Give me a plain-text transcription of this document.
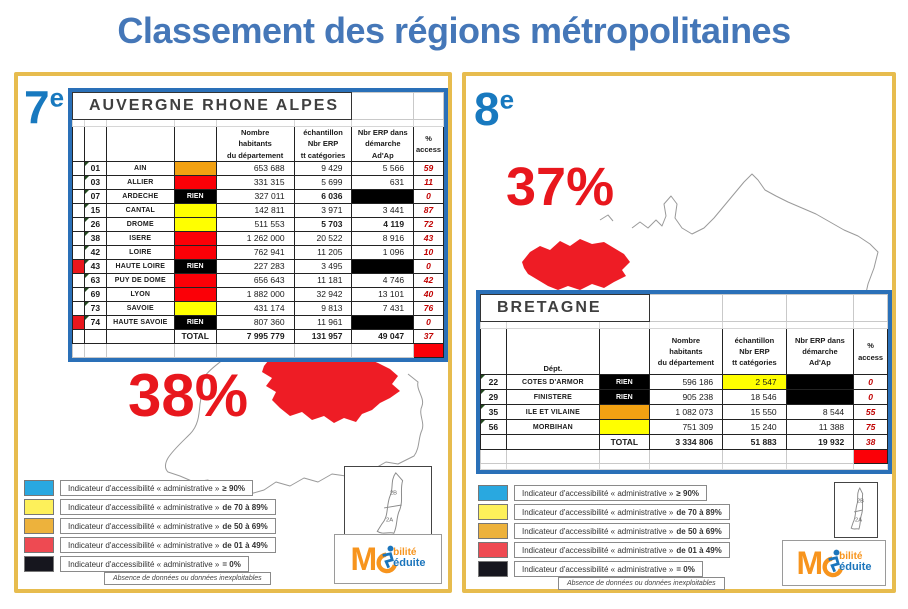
Classement des régions métropolitaines
7e
38%
AUVERGNE RHONE ALPES							

				Nombre
habitants
du département	échantillon
Nbr ERP
tt catégories	Nbr ERP dans
démarche
Ad'Ap	%
access

	01	AIN		653 688	9 429	5 566	59
	03	ALLIER		331 315	5 699	631	11
	07	ARDECHE	RIEN	327 011	6 036		0
	15	CANTAL		142 811	3 971	3 441	87
	26	DROME		511 553	5 703	4 119	72
	38	ISERE		1 262 000	20 522	8 916	43
	42	LOIRE		762 941	11 205	1 096	10
	43	HAUTE LOIRE	RIEN	227 283	3 495		0
	63	PUY DE DOME		656 643	11 181	4 746	42
	69	LYON		1 882 000	32 942	13 101	40
	73	SAVOIE		431 174	9 813	7 431	76
	74	HAUTE SAVOIE	RIEN	807 360	11 961		0
			TOTAL	7 995 779	131 957	49 047	37

2B
2A
Indicateur d'accessibilité « administrative » ≥ 90%
Indicateur d'accessibilité « administrative » de 70 à 89%
Indicateur d'accessibilité « administrative » de 50 à 69%
Indicateur d'accessibilité « administrative » de 01 à 49%
Indicateur d'accessibilité « administrative » = 0%
Absence de données ou données inexploitables
M bilité
éduite
8e
37%
BRETAGNE						

	Dépt.		Nombre
habitants
du département	échantillon
Nbr ERP
tt catégories	Nbr ERP dans
démarche
Ad'Ap	%
access

22	COTES D'ARMOR	RIEN	596 186	2 547		0
29	FINISTERE	RIEN	905 238	18 546		0
35	ILE ET VILAINE		1 082 073	15 550	8 544	55
56	MORBIHAN		751 309	15 240	11 388	75
		TOTAL	3 334 806	51 883	19 932	38

2B
2A
Indicateur d'accessibilité « administrative » ≥ 90%
Indicateur d'accessibilité « administrative » de 70 à 89%
Indicateur d'accessibilité « administrative » de 50 à 69%
Indicateur d'accessibilité « administrative » de 01 à 49%
Indicateur d'accessibilité « administrative » = 0%
Absence de données ou données inexploitables
M bilité
éduite
